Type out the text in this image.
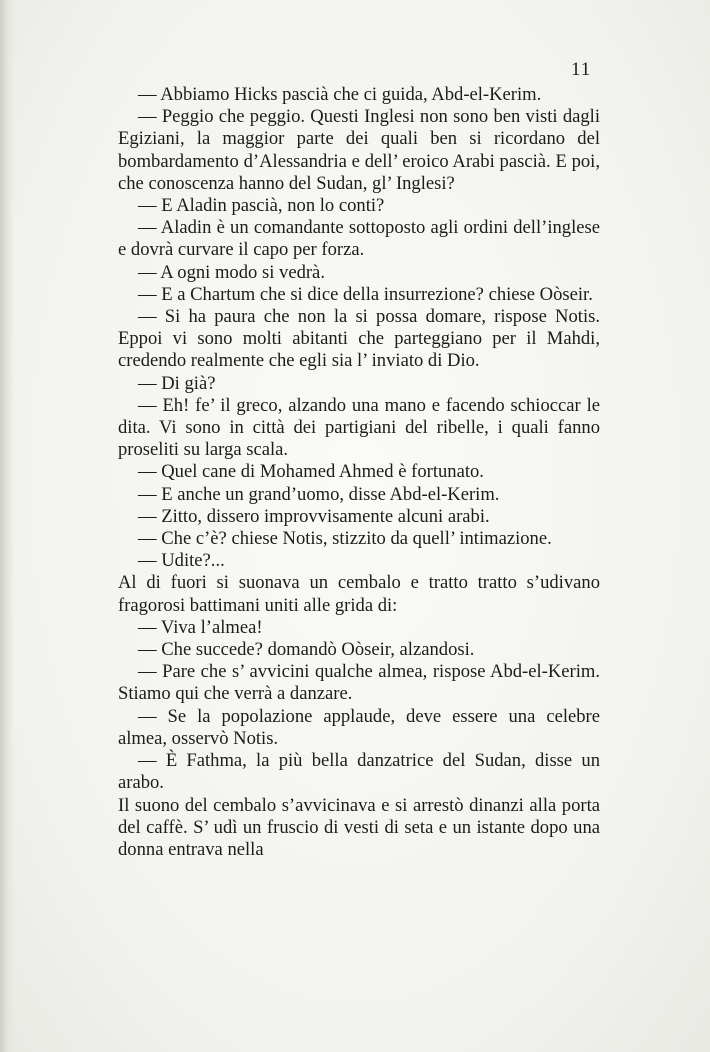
11

— Abbiamo Hicks pascià che ci guida, Abd-el-Kerim.

— Peggio che peggio. Questi Inglesi non sono ben visti dagli Egiziani, la maggior parte dei quali ben si ricordano del bombardamento d’Alessandria e dell’ eroico Arabi pascià. E poi, che conoscenza hanno del Sudan, gl’ Inglesi?

— E Aladin pascià, non lo conti?

— Aladin è un comandante sottoposto agli ordini dell’inglese e dovrà curvare il capo per forza.

— A ogni modo si vedrà.

— E a Chartum che si dice della insurrezione? chiese Oòseir.

— Si ha paura che non la si possa domare, rispose Notis. Eppoi vi sono molti abitanti che parteggiano per il Mahdi, credendo realmente che egli sia l’ inviato di Dio.

— Di già?

— Eh! fe’ il greco, alzando una mano e facendo schioccar le dita. Vi sono in città dei partigiani del ribelle, i quali fanno proseliti su larga scala.

— Quel cane di Mohamed Ahmed è fortunato.

— E anche un grand’uomo, disse Abd-el-Kerim.

— Zitto, dissero improvvisamente alcuni arabi.

— Che c’è? chiese Notis, stizzito da quell’ intimazione.

— Udite?...

Al di fuori si suonava un cembalo e tratto tratto s’udivano fragorosi battimani uniti alle grida di:

— Viva l’almea!

— Che succede? domandò Oòseir, alzandosi.

— Pare che s’ avvicini qualche almea, rispose Abd-el-Kerim. Stiamo qui che verrà a danzare.

— Se la popolazione applaude, deve essere una celebre almea, osservò Notis.

— È Fathma, la più bella danzatrice del Sudan, disse un arabo.

Il suono del cembalo s’avvicinava e si arrestò dinanzi alla porta del caffè. S’ udì un fruscio di vesti di seta e un istante dopo una donna entrava nella
